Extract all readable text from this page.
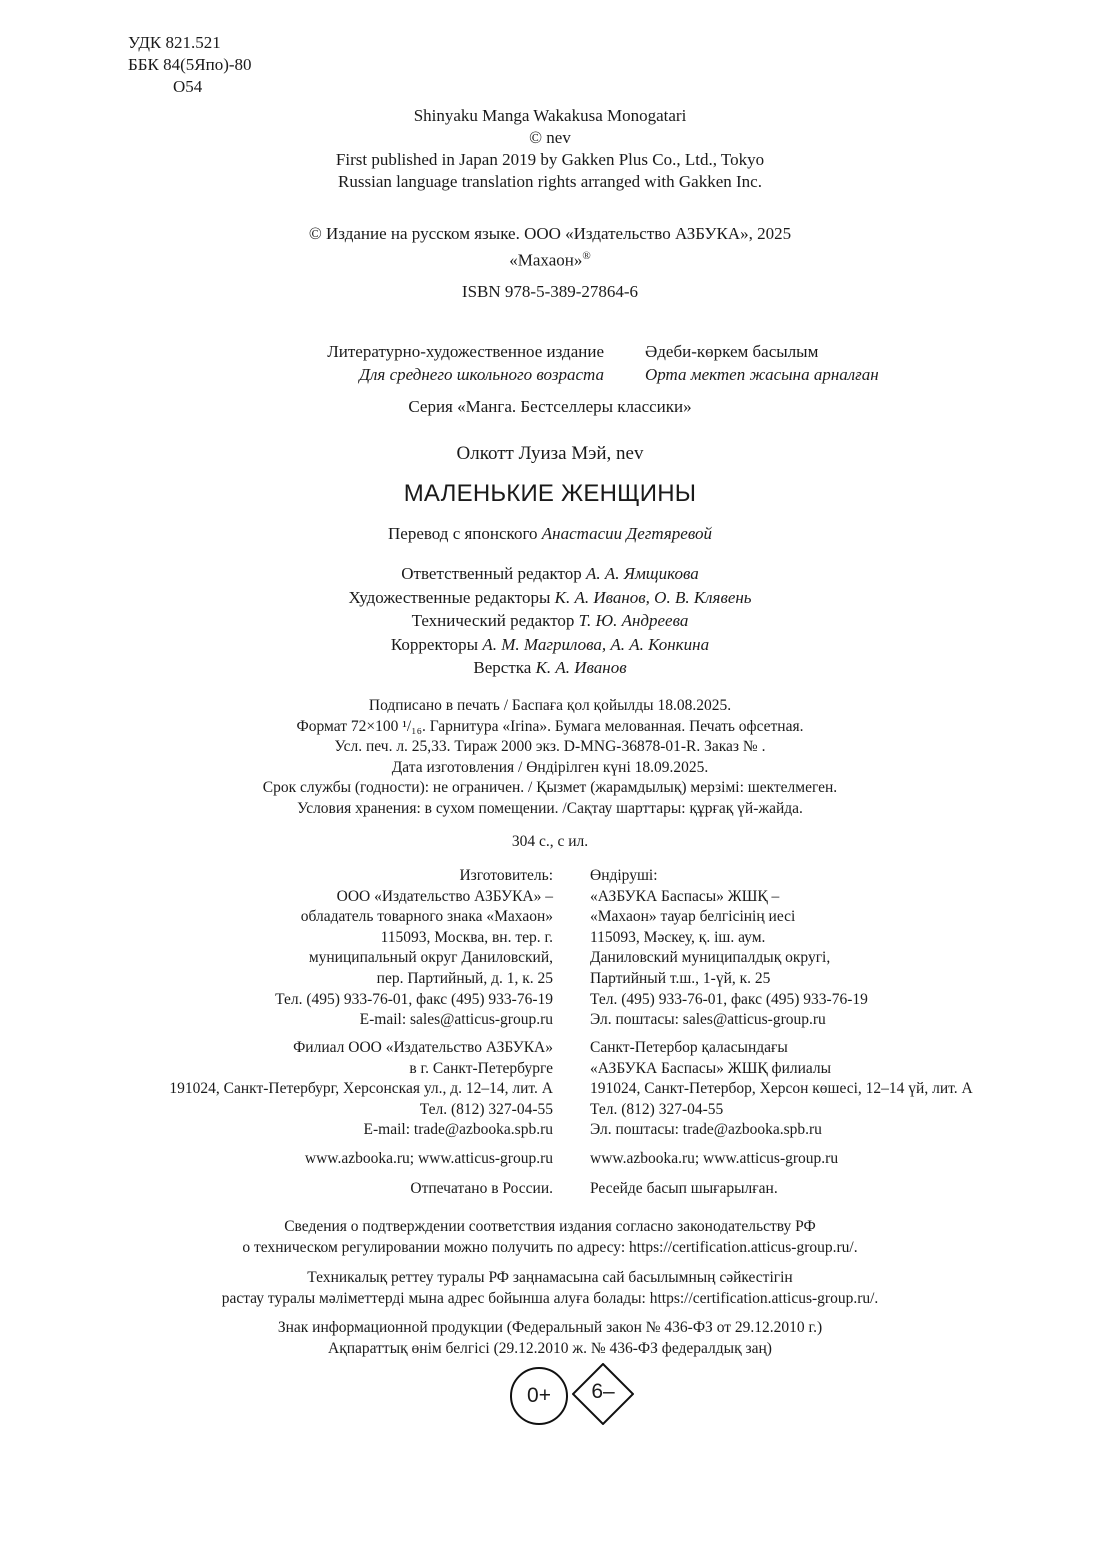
УДК 821.521
ББК 84(5Япо)-80
О54
Shinyaku Manga Wakakusa Monogatari
© nev
First published in Japan 2019 by Gakken Plus Co., Ltd., Tokyo
Russian language translation rights arranged with Gakken Inc.
© Издание на русском языке. ООО «Издательство АЗБУКА», 2025
«Махаон»®
ISBN 978-5-389-27864-6
Литературно-художественное издание
Для среднего школьного возраста
Әдеби-көркем басылым
Орта мектеп жасына арналған
Серия «Манга. Бестселлеры классики»
Олкотт Луиза Мэй, nev
МАЛЕНЬКИЕ ЖЕНЩИНЫ
Перевод с японского Анастасии Дегтяревой
Ответственный редактор А. А. Ямщикова
Художественные редакторы К. А. Иванов, О. В. Клявень
Технический редактор Т. Ю. Андреева
Корректоры А. М. Магрилова, А. А. Конкина
Верстка К. А. Иванов
Подписано в печать / Баспаға қол қойылды 18.08.2025.
Формат 72×100 ¹/₁₆. Гарнитура «Irina». Бумага мелованная. Печать офсетная.
Усл. печ. л. 25,33. Тираж 2000 экз. D-MNG-36878-01-R. Заказ № .
Дата изготовления / Өндірілген күні 18.09.2025.
Срок службы (годности): не ограничен. / Қызмет (жарамдылық) мерзімі: шектелмеген.
Условия хранения: в сухом помещении. /Сақтау шарттары: құрғақ үй-жайда.
304 с., с ил.
Изготовитель:
ООО «Издательство АЗБУКА» –
обладатель товарного знака «Махаон»
115093, Москва, вн. тер. г.
муниципальный округ Даниловский,
пер. Партийный, д. 1, к. 25
Тел. (495) 933-76-01, факс (495) 933-76-19
E-mail: sales@atticus-group.ru
Өндіруші:
«АЗБУКА Баспасы» ЖШҚ –
«Махаон» тауар белгісінің иесі
115093, Мәскеу, қ. іш. аум.
Даниловский муниципалдық округі,
Партийный т.ш., 1-үй, к. 25
Тел. (495) 933-76-01, факс (495) 933-76-19
Эл. поштасы: sales@atticus-group.ru
Филиал ООО «Издательство АЗБУКА»
в г. Санкт-Петербурге
191024, Санкт-Петербург, Херсонская ул., д. 12–14, лит. А
Тел. (812) 327-04-55
E-mail: trade@azbooka.spb.ru
Санкт-Петербор қаласындағы
«АЗБУКА Баспасы» ЖШҚ филиалы
191024, Санкт-Петербор, Херсон көшесі, 12–14 үй, лит. А
Тел. (812) 327-04-55
Эл. поштасы: trade@azbooka.spb.ru
www.azbooka.ru; www.atticus-group.ru www.azbooka.ru; www.atticus-group.ru
Отпечатано в России. Ресейде басып шығарылған.
Сведения о подтверждении соответствия издания согласно законодательству РФ
о техническом регулировании можно получить по адресу: https://certification.atticus-group.ru/.
Техникалық реттеу туралы РФ заңнамасына сай басылымның сәйкестігін
растау туралы мәліметтерді мына адрес бойынша алуға болады: https://certification.atticus-group.ru/.
Знак информационной продукции (Федеральный закон № 436-ФЗ от 29.12.2010 г.)
Ақпараттық өнім белгісі (29.12.2010 ж. № 436-ФЗ федералдық заң)
0+	6–
